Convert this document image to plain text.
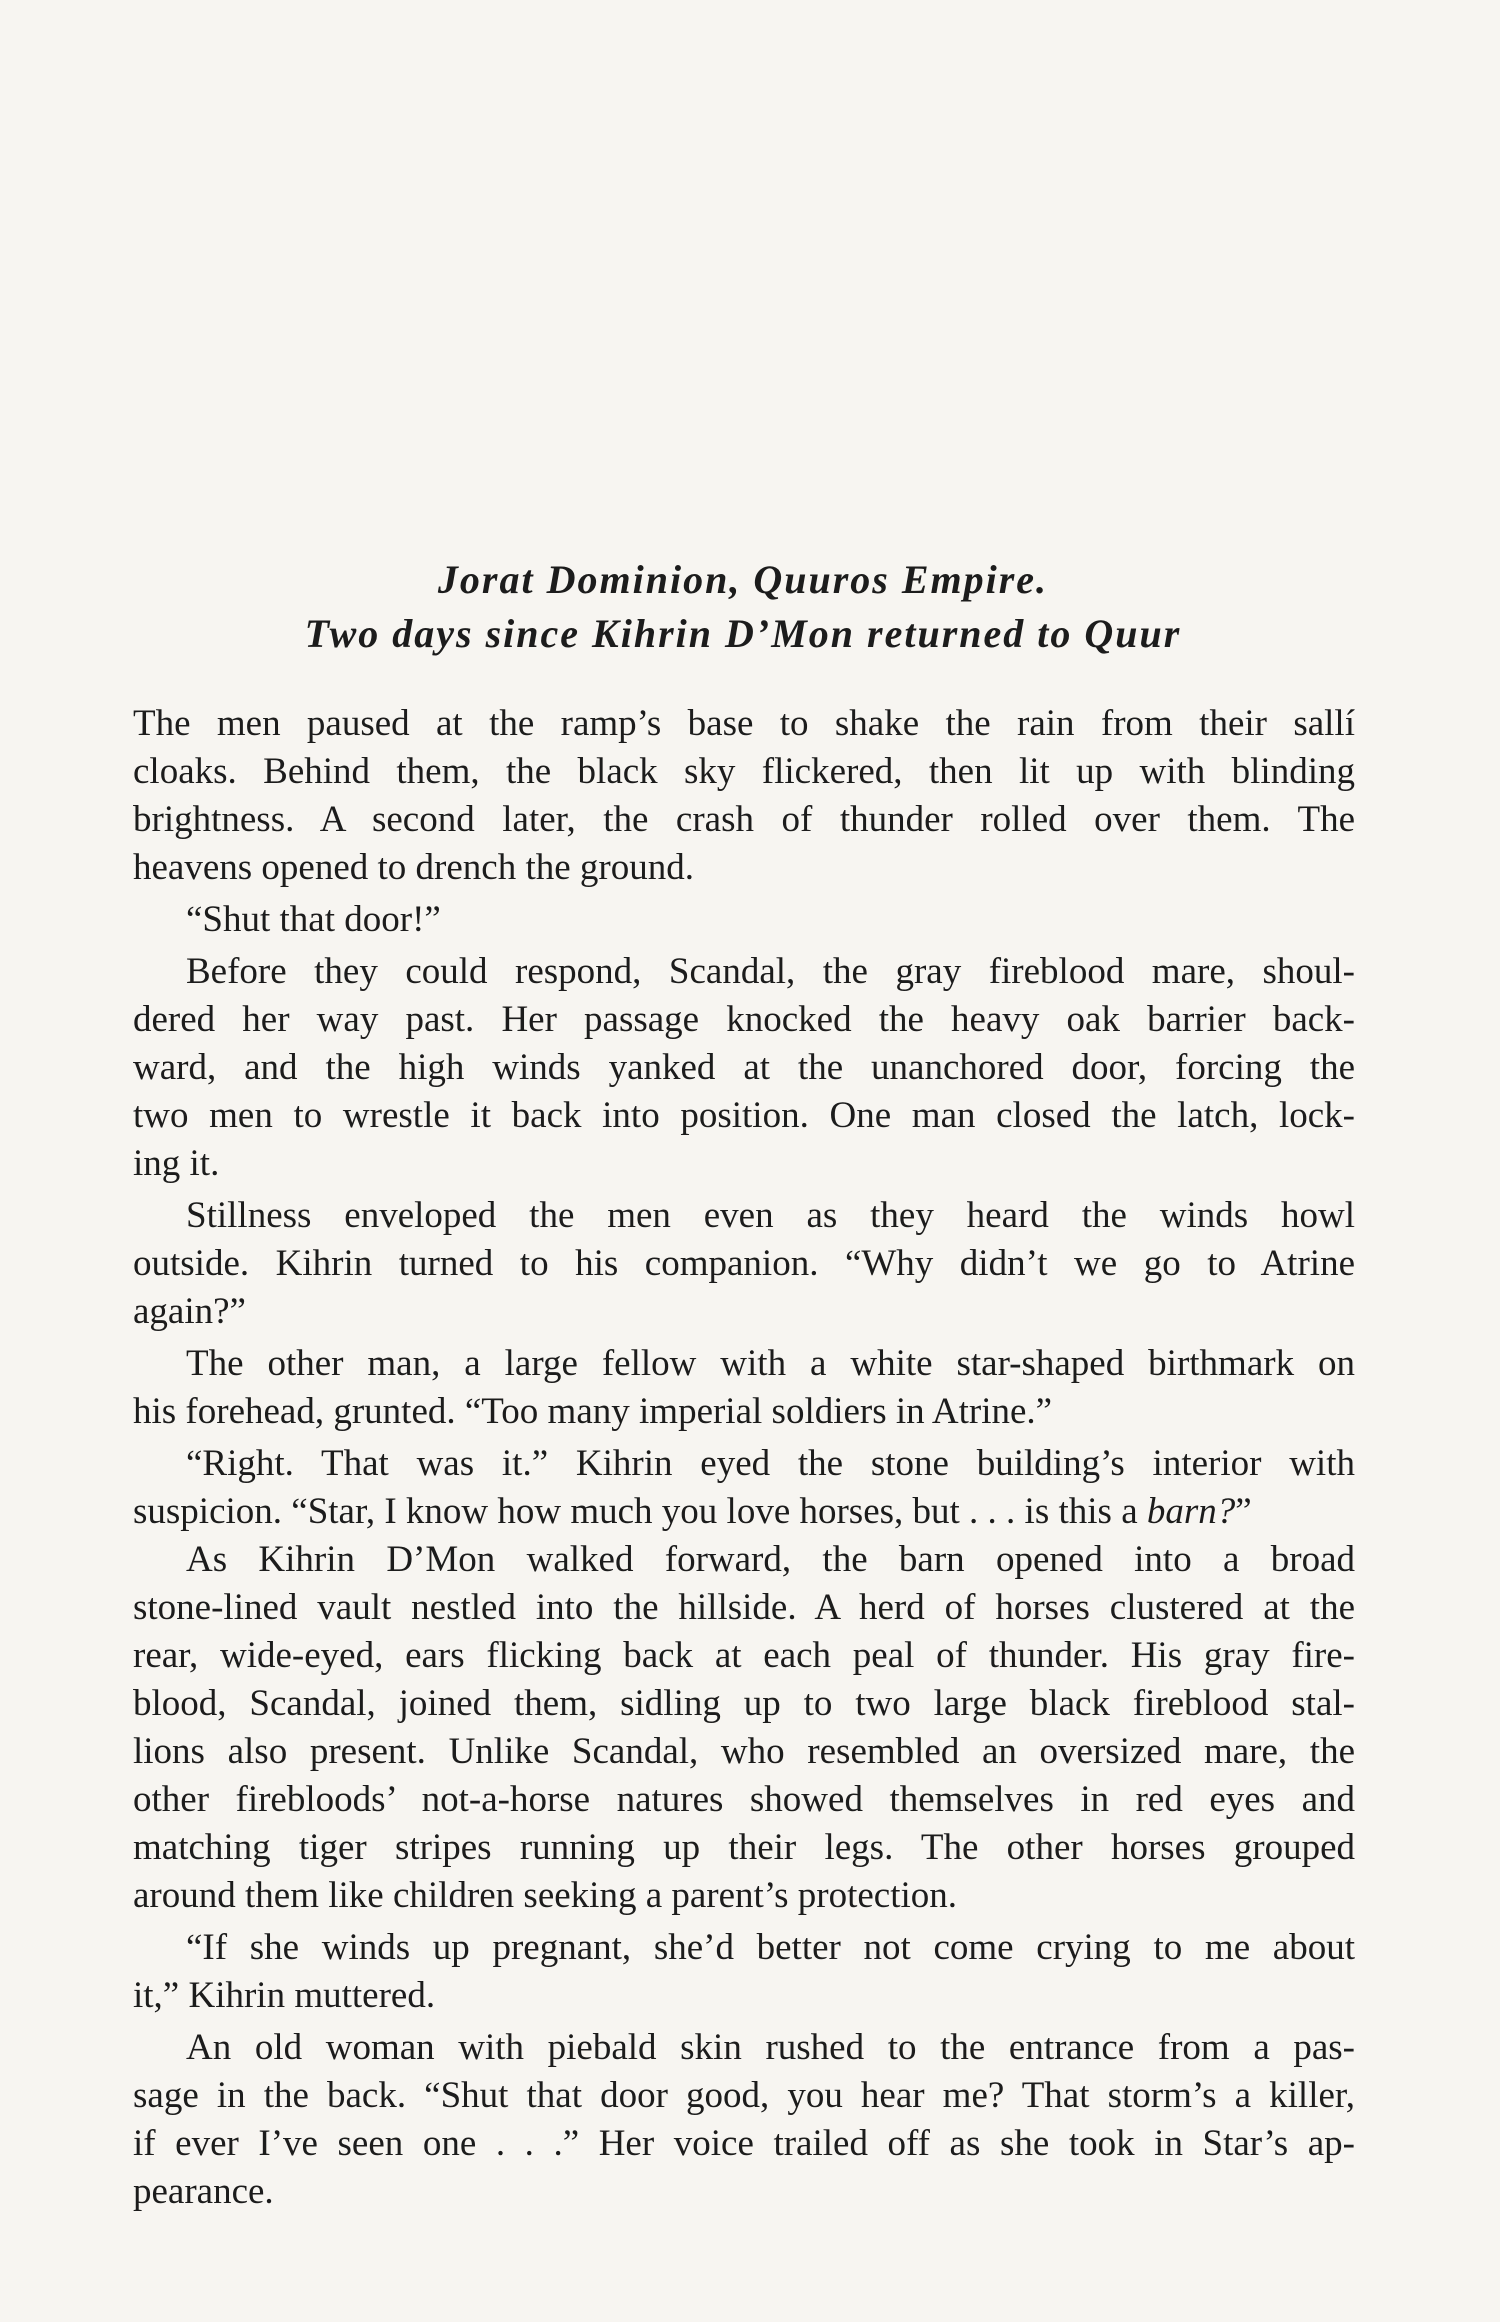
Jorat Dominion, Quuros Empire.
Two days since Kihrin D’Mon returned to Quur
The men paused at the ramp’s base to shake the rain from their sallí
cloaks. Behind them, the black sky flickered, then lit up with blinding
brightness. A second later, the crash of thunder rolled over them. The
heavens opened to drench the ground.
“Shut that door!”
Before they could respond, Scandal, the gray fireblood mare, shoul-
dered her way past. Her passage knocked the heavy oak barrier back-
ward, and the high winds yanked at the unanchored door, forcing the
two men to wrestle it back into position. One man closed the latch, lock-
ing it.
Stillness enveloped the men even as they heard the winds howl
outside. Kihrin turned to his companion. “Why didn’t we go to Atrine
again?”
The other man, a large fellow with a white star-shaped birthmark on
his forehead, grunted. “Too many imperial soldiers in Atrine.”
“Right. That was it.” Kihrin eyed the stone building’s interior with
suspicion. “Star, I know how much you love horses, but . . . is this a barn?”
As Kihrin D’Mon walked forward, the barn opened into a broad
stone-lined vault nestled into the hillside. A herd of horses clustered at the
rear, wide-eyed, ears flicking back at each peal of thunder. His gray fire-
blood, Scandal, joined them, sidling up to two large black fireblood stal-
lions also present. Unlike Scandal, who resembled an oversized mare, the
other firebloods’ not-a-horse natures showed themselves in red eyes and
matching tiger stripes running up their legs. The other horses grouped
around them like children seeking a parent’s protection.
“If she winds up pregnant, she’d better not come crying to me about
it,” Kihrin muttered.
An old woman with piebald skin rushed to the entrance from a pas-
sage in the back. “Shut that door good, you hear me? That storm’s a killer,
if ever I’ve seen one . . .” Her voice trailed off as she took in Star’s ap-
pearance.
